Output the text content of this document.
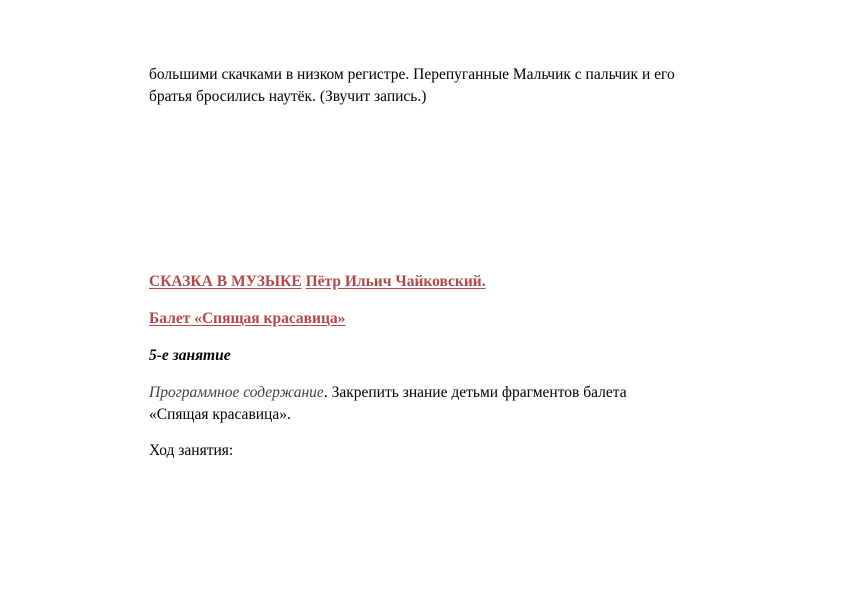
большими скачками в низком регистре. Перепуганные Мальчик с пальчик и его
братья бросились наутёк. (Звучит запись.)

СКАЗКА В МУЗЫКЕ Пётр Ильич Чайковский.

Балет «Спящая красавица»

5-е занятие

Программное содержание. Закрепить знание детьми фрагментов балета
«Спящая красавица».

Ход занятия:
